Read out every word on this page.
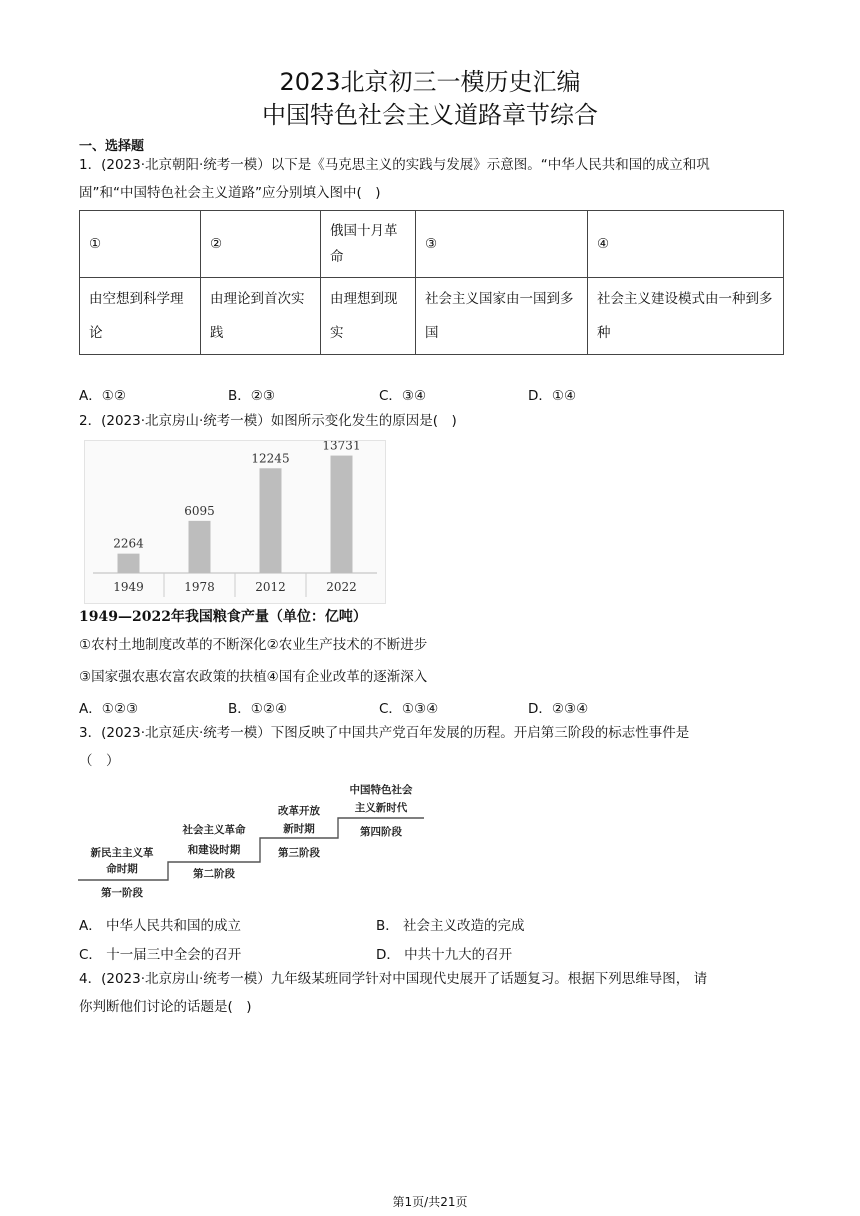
2023北京初三一模历史汇编
中国特色社会主义道路章节综合
一、选择题
1．(2023·北京朝阳·统考一模）以下是《马克思主义的实践与发展》示意图。“中华人民共和国的成立和巩
固”和“中国特色社会主义道路”应分别填入图中(　)
①	②	俄国十月革命	③	④
由空想到科学理论	由理论到首次实践	由理想到现实	社会主义国家由一国到多国	社会主义建设模式由一种到多种
A．①②	B．②③	C．③④	D．①④
2．(2023·北京房山·统考一模）如图所示变化发生的原因是(　)
2264
1949
6095
1978
12245
2012
13731
2022
1949—2022年我国粮食产量（单位：亿吨）
①农村土地制度改革的不断深化②农业生产技术的不断进步
③国家强农惠农富农政策的扶植④国有企业改革的逐渐深入
A．①②③	B．①②④	C．①③④	D．②③④
3．(2023·北京延庆·统考一模）下图反映了中国共产党百年发展的历程。开启第三阶段的标志性事件是
（　）
新民主主义革
命时期
第一阶段
社会主义革命
和建设时期
第二阶段
改革开放
新时期
第三阶段
中国特色社会
主义新时代
第四阶段
A． 中华人民共和国的成立	B． 社会主义改造的完成
C． 十一届三中全会的召开	D． 中共十九大的召开
4．(2023·北京房山·统考一模）九年级某班同学针对中国现代史展开了话题复习。根据下列思维导图， 请
你判断他们讨论的话题是(　)
第1页/共21页
